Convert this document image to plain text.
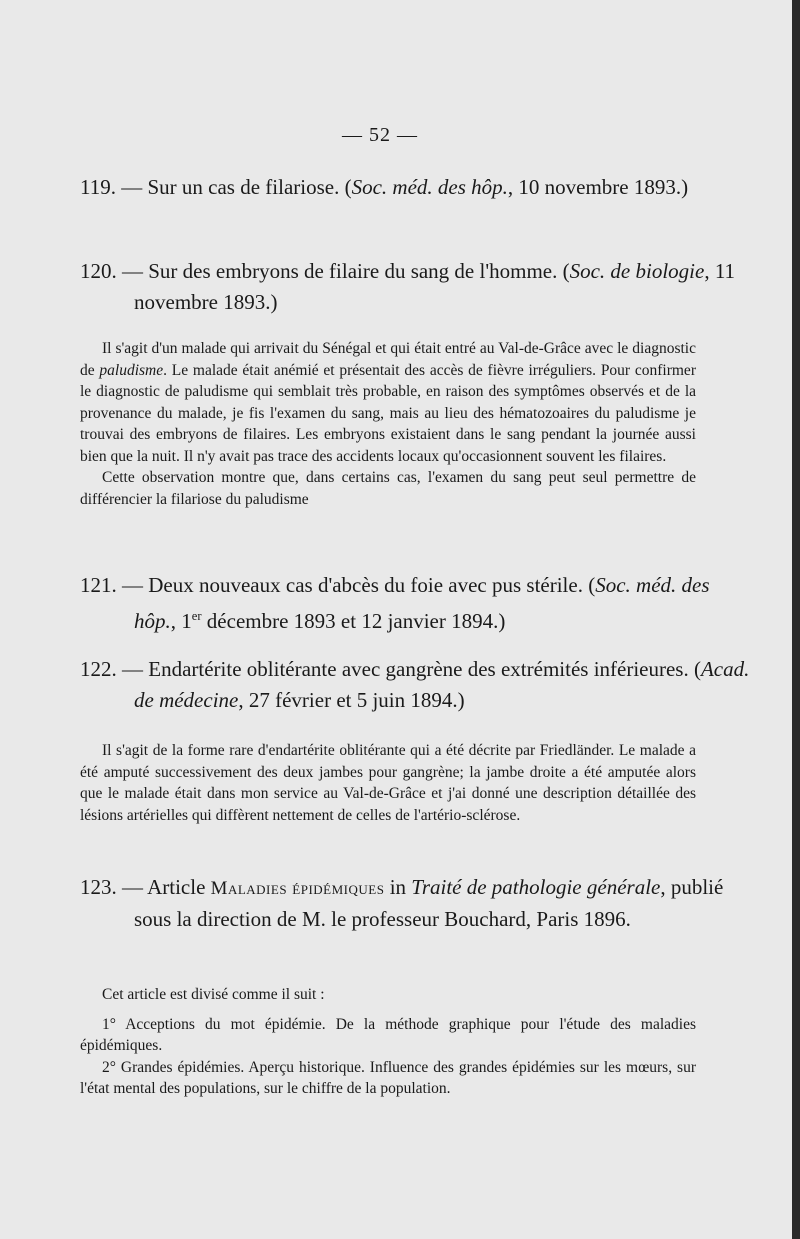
— 52 —
119. — Sur un cas de filariose. (Soc. méd. des hôp., 10 novembre 1893.)
120. — Sur des embryons de filaire du sang de l'homme. (Soc. de biologie, 11 novembre 1893.)

Il s'agit d'un malade qui arrivait du Sénégal et qui était entré au Val-de-Grâce avec le diagnostic de paludisme. Le malade était anémié et présentait des accès de fièvre irréguliers. Pour confirmer le diagnostic de paludisme qui semblait très probable, en raison des symptômes observés et de la provenance du malade, je fis l'examen du sang, mais au lieu des hématozoaires du paludisme je trouvai des embryons de filaires. Les embryons existaient dans le sang pendant la journée aussi bien que la nuit. Il n'y avait pas trace des accidents locaux qu'occasionnent souvent les filaires.

Cette observation montre que, dans certains cas, l'examen du sang peut seul permettre de différencier la filariose du paludisme

121. — Deux nouveaux cas d'abcès du foie avec pus stérile. (Soc. méd. des hôp., 1er décembre 1893 et 12 janvier 1894.)
122. — Endartérite oblitérante avec gangrène des extrémités inférieures. (Acad. de médecine, 27 février et 5 juin 1894.)

Il s'agit de la forme rare d'endartérite oblitérante qui a été décrite par Friedländer. Le malade a été amputé successivement des deux jambes pour gangrène; la jambe droite a été amputée alors que le malade était dans mon service au Val-de-Grâce et j'ai donné une description détaillée des lésions artérielles qui diffèrent nettement de celles de l'artério-sclérose.

123. — Article Maladies épidémiques in Traité de pathologie générale, publié sous la direction de M. le professeur Bouchard, Paris 1896.

Cet article est divisé comme il suit :

1° Acceptions du mot épidémie. De la méthode graphique pour l'étude des maladies épidémiques.

2° Grandes épidémies. Aperçu historique. Influence des grandes épidémies sur les mœurs, sur l'état mental des populations, sur le chiffre de la population.
